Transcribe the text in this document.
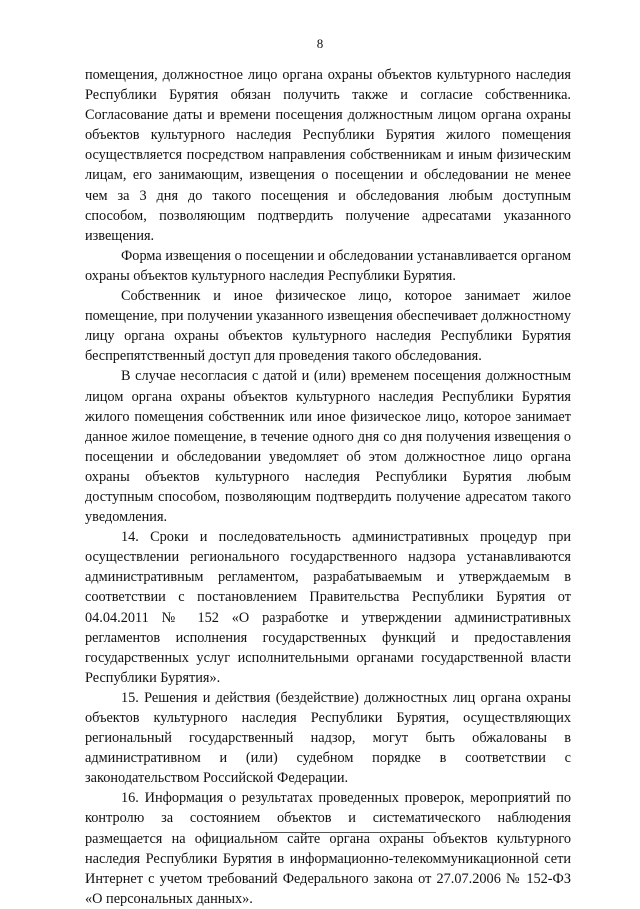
8

помещения, должностное лицо органа охраны объектов культурного наследия Республики Бурятия обязан получить также и согласие собственника. Согласование даты и времени посещения должностным лицом органа охраны объектов культурного наследия Республики Бурятия жилого помещения осуществляется посредством направления собственникам и иным физическим лицам, его занимающим, извещения о посещении и обследовании не менее чем за 3 дня до такого посещения и обследования любым доступным способом, позволяющим подтвердить получение адресатами указанного извещения.

Форма извещения о посещении и обследовании устанавливается органом охраны объектов культурного наследия Республики Бурятия.

Собственник и иное физическое лицо, которое занимает жилое помещение, при получении указанного извещения обеспечивает должностному лицу органа охраны объектов культурного наследия Республики Бурятия беспрепятственный доступ для проведения такого обследования.

В случае несогласия с датой и (или) временем посещения должностным лицом органа охраны объектов культурного наследия Республики Бурятия жилого помещения собственник или иное физическое лицо, которое занимает данное жилое помещение, в течение одного дня со дня получения извещения о посещении и обследовании уведомляет об этом должностное лицо органа охраны объектов культурного наследия Республики Бурятия любым доступным способом, позволяющим подтвердить получение адресатом такого уведомления.

14. Сроки и последовательность административных процедур при осуществлении регионального государственного надзора устанавливаются административным регламентом, разрабатываемым и утверждаемым в соответствии с постановлением Правительства Республики Бурятия от 04.04.2011 № 152 «О разработке и утверждении административных регламентов исполнения государственных функций и предоставления государственных услуг исполнительными органами государственной власти Республики Бурятия».

15. Решения и действия (бездействие) должностных лиц органа охраны объектов культурного наследия Республики Бурятия, осуществляющих региональный государственный надзор, могут быть обжалованы в административном и (или) судебном порядке в соответствии с законодательством Российской Федерации.

16. Информация о результатах проведенных проверок, мероприятий по контролю за состоянием объектов и систематического наблюдения размещается на официальном сайте органа охраны объектов культурного наследия Республики Бурятия в информационно-телекоммуникационной сети Интернет с учетом требований Федерального закона от 27.07.2006 № 152-ФЗ «О персональных данных».
